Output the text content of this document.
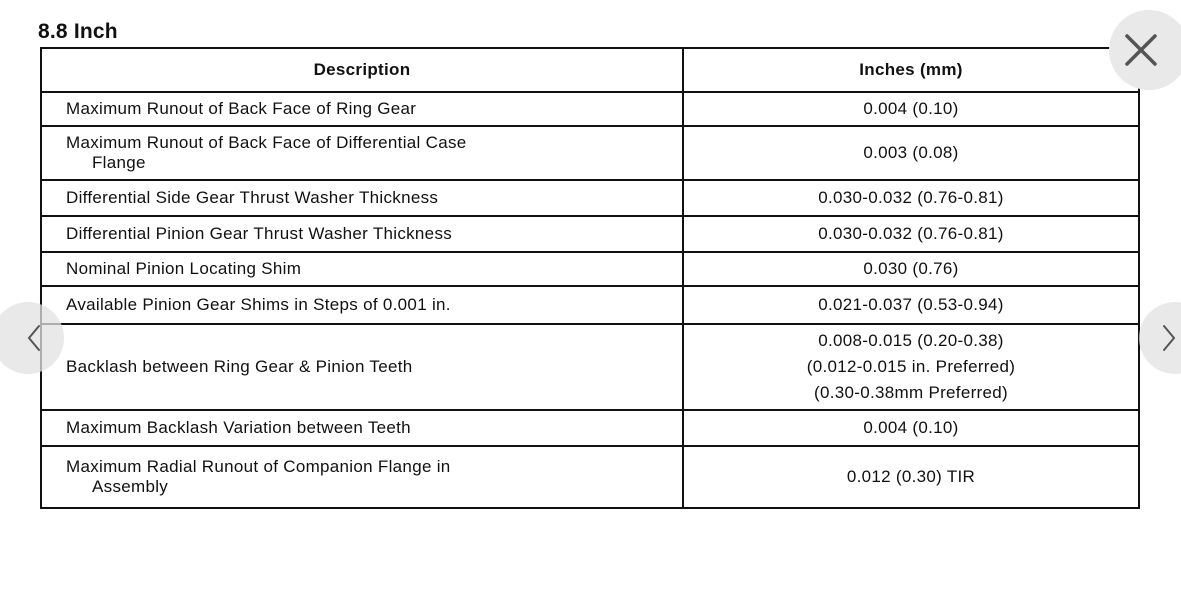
8.8 Inch
Description	Inches (mm)
Maximum Runout of Back Face of Ring Gear	0.004 (0.10)
Maximum Runout of Back Face of Differential Case
Flange	0.003 (0.08)
Differential Side Gear Thrust Washer Thickness	0.030-0.032 (0.76-0.81)
Differential Pinion Gear Thrust Washer Thickness	0.030-0.032 (0.76-0.81)
Nominal Pinion Locating Shim	0.030 (0.76)
Available Pinion Gear Shims in Steps of 0.001 in.	0.021-0.037 (0.53-0.94)
Backlash between Ring Gear & Pinion Teeth	0.008-0.015 (0.20-0.38)
(0.012-0.015 in. Preferred)
(0.30-0.38mm Preferred)

Maximum Backlash Variation between Teeth	0.004 (0.10)
Maximum Radial Runout of Companion Flange in
Assembly	0.012 (0.30) TIR
